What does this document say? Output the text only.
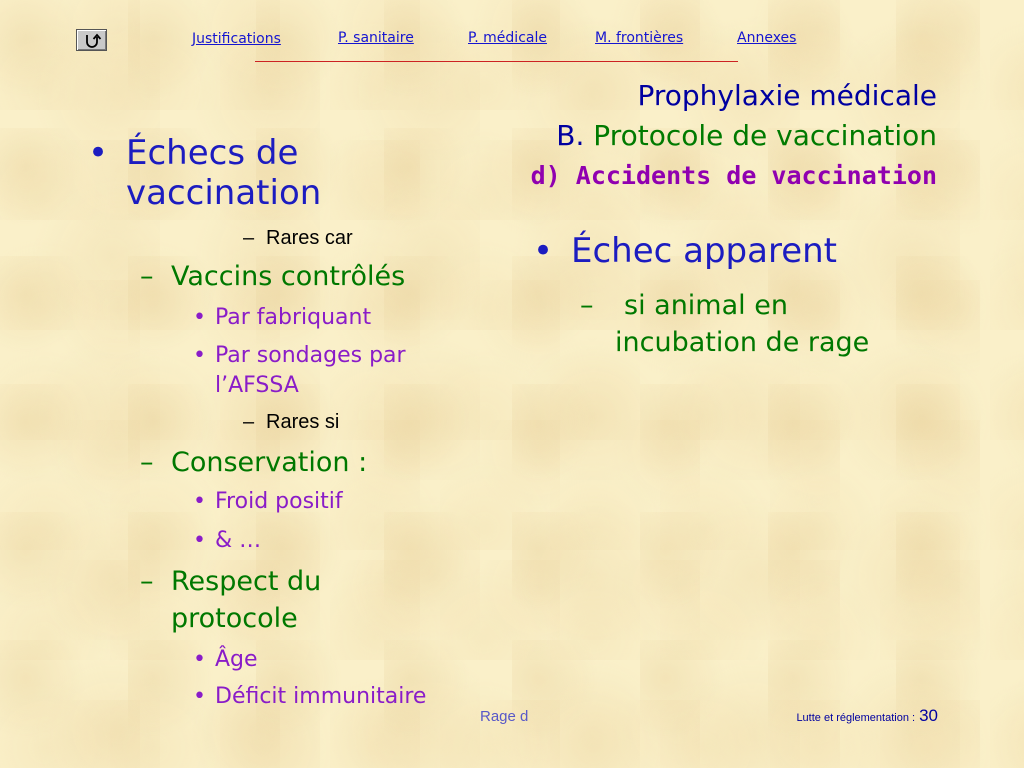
Justifications	P. sanitaire	P. médicale	M. frontières	Annexes
Prophylaxie médicale
B. Protocole de vaccination
d) Accidents de vaccination
• Échecs de
vaccination
– Rares car
– Vaccins contrôlés
• Par fabriquant
• Par sondages par
l’AFSSA
– Rares si
– Conservation :
• Froid positif
• & …
– Respect du
protocole
• Âge
• Déficit immunitaire
• Échec apparent
–	si animal en
incubation de rage
Rage d	Lutte et réglementation : 30
